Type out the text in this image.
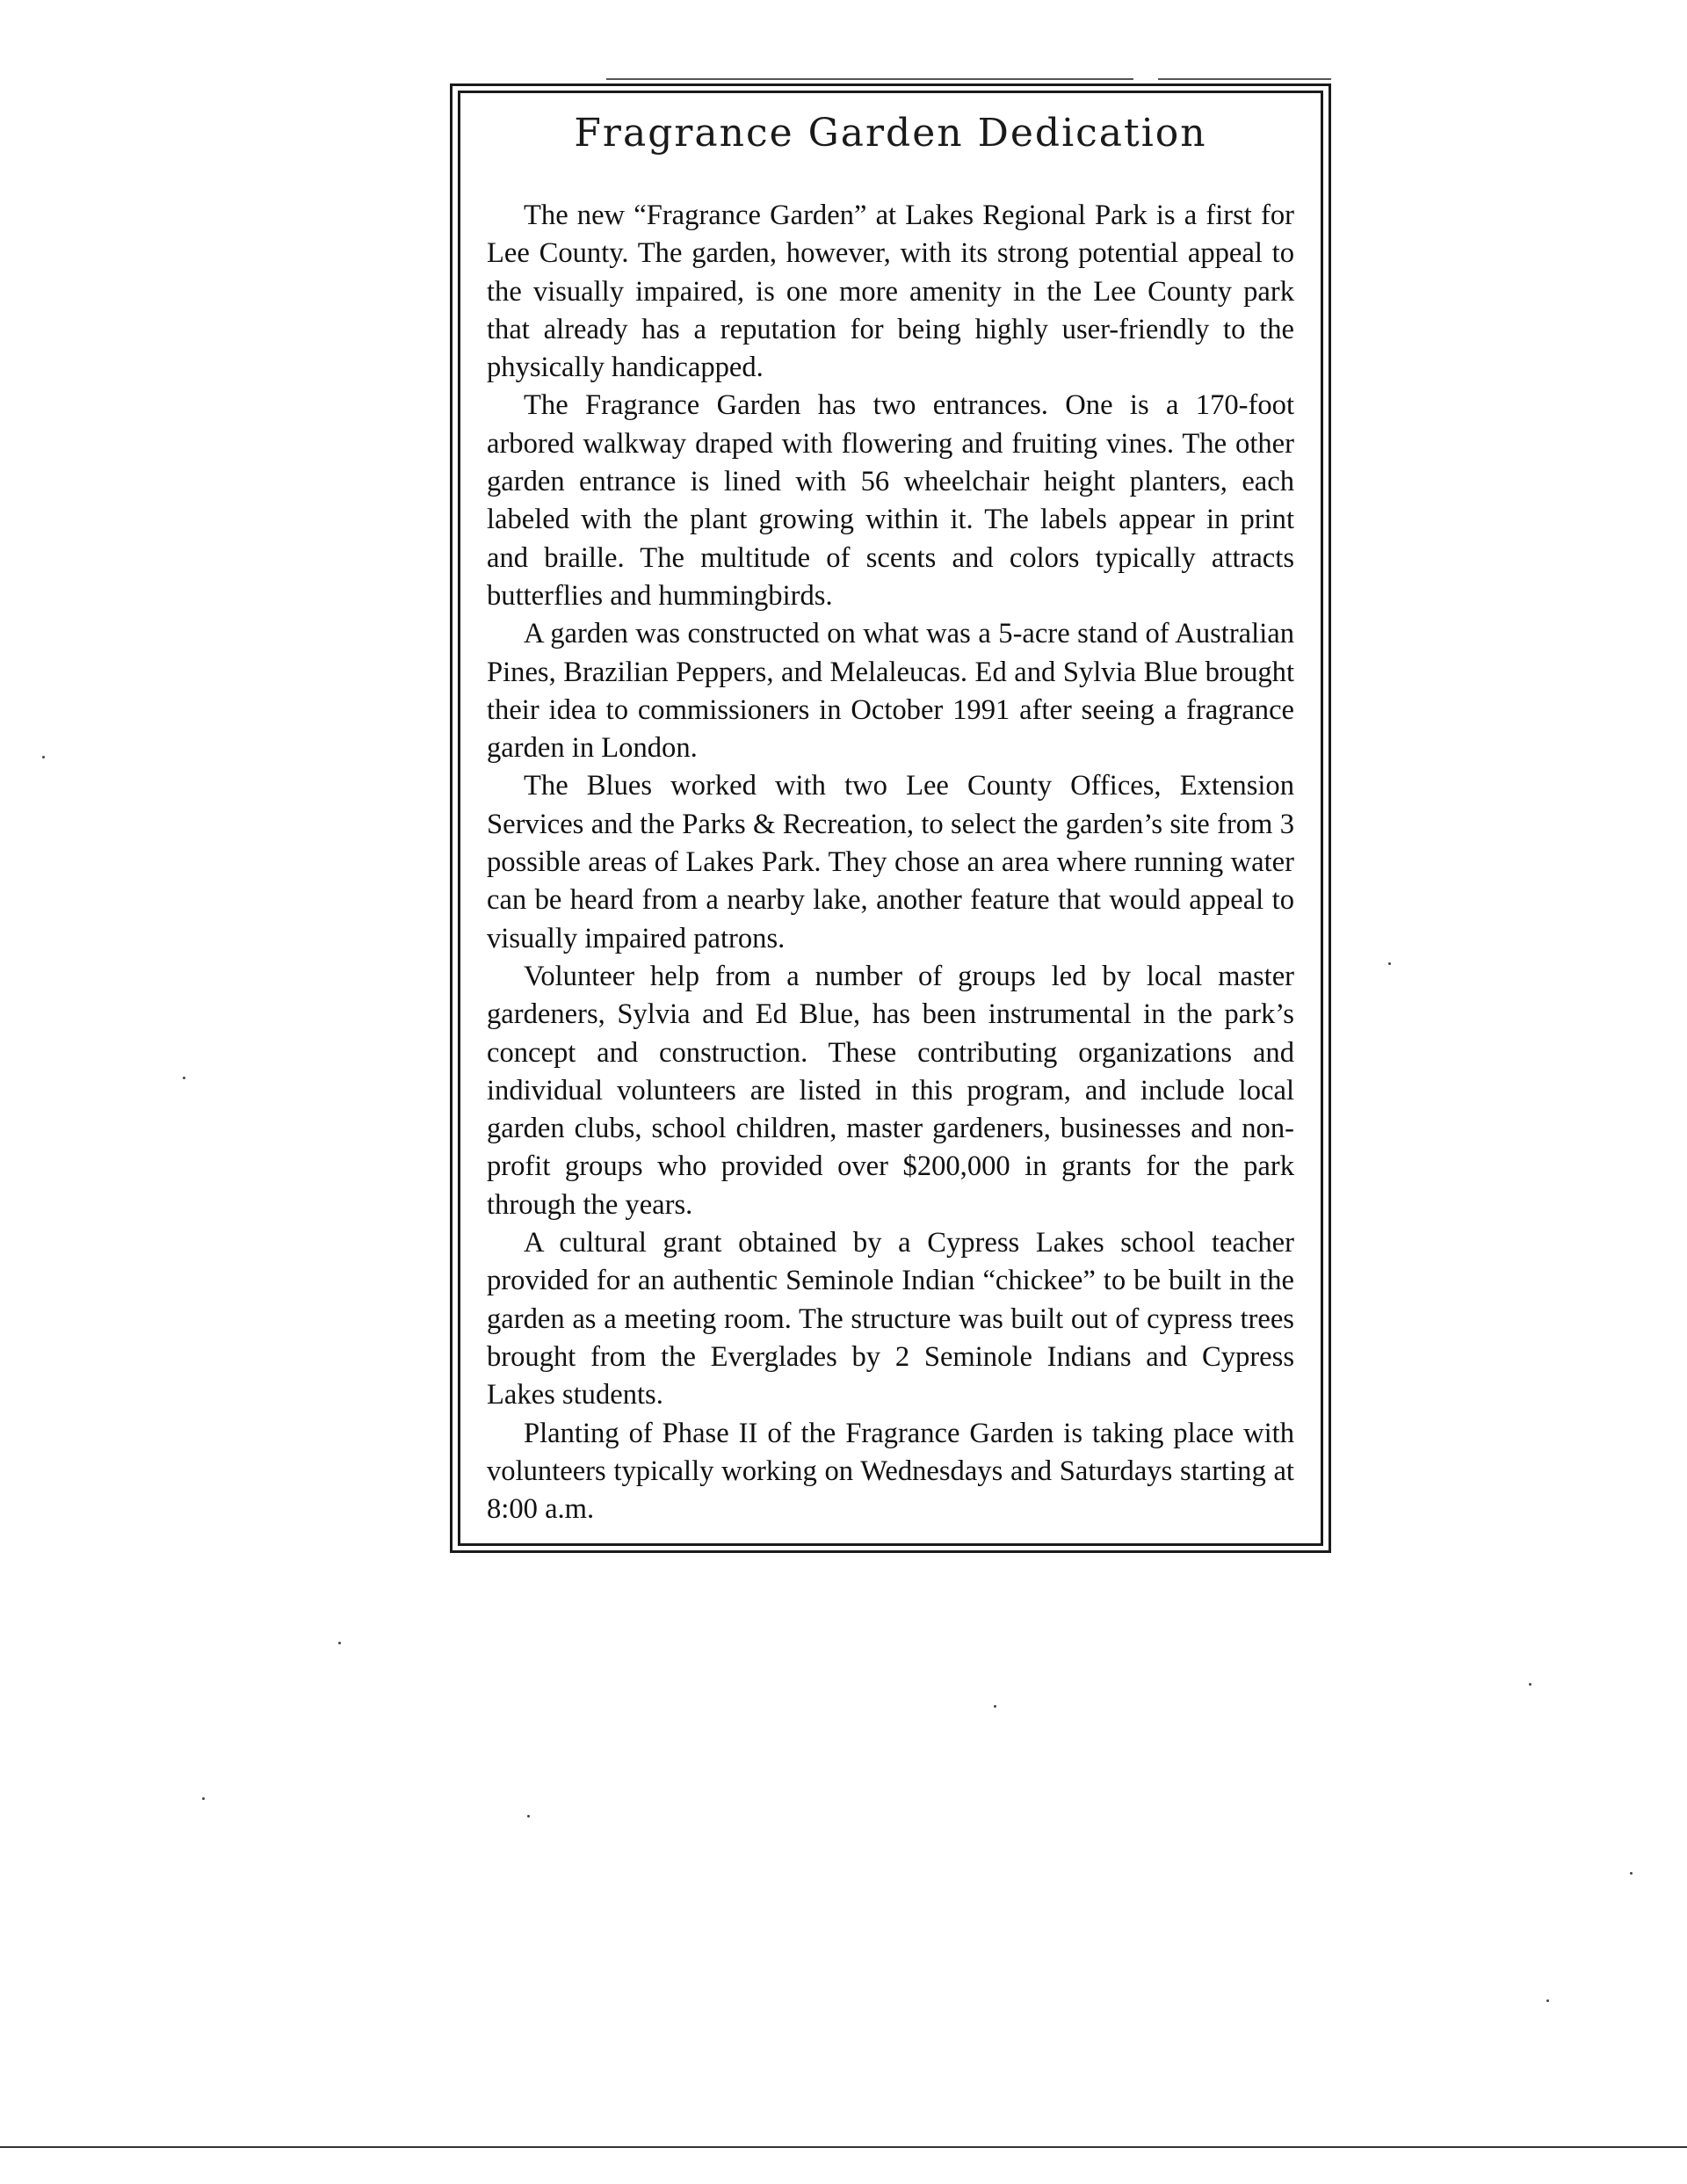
Fragrance Garden Dedication

The new “Fragrance Garden” at Lakes Regional Park is a first for Lee County. The garden, however, with its strong potential appeal to the visually impaired, is one more amenity in the Lee County park that already has a reputation for being highly user-friendly to the physically handicapped.

The Fragrance Garden has two entrances. One is a 170-foot arbored walkway draped with flowering and fruiting vines. The other garden entrance is lined with 56 wheelchair height planters, each labeled with the plant growing within it. The labels appear in print and braille. The multitude of scents and colors typically attracts butterflies and hummingbirds.

A garden was constructed on what was a 5-acre stand of Australian Pines, Brazilian Peppers, and Melaleucas. Ed and Sylvia Blue brought their idea to commissioners in October 1991 after seeing a fragrance garden in London.

The Blues worked with two Lee County Offices, Extension Services and the Parks & Recreation, to select the garden’s site from 3 possible areas of Lakes Park. They chose an area where running water can be heard from a nearby lake, another feature that would appeal to visually impaired patrons.

Volunteer help from a number of groups led by local master gardeners, Sylvia and Ed Blue, has been instrumental in the park’s concept and construction. These contributing organizations and individual volunteers are listed in this program, and include local garden clubs, school children, master gardeners, businesses and non-profit groups who provided over $200,000 in grants for the park through the years.

A cultural grant obtained by a Cypress Lakes school teacher provided for an authentic Seminole Indian “chickee” to be built in the garden as a meeting room. The structure was built out of cypress trees brought from the Everglades by 2 Seminole Indians and Cypress Lakes students.

Planting of Phase II of the Fragrance Garden is taking place with volunteers typically working on Wednesdays and Saturdays starting at 8:00 a.m.
